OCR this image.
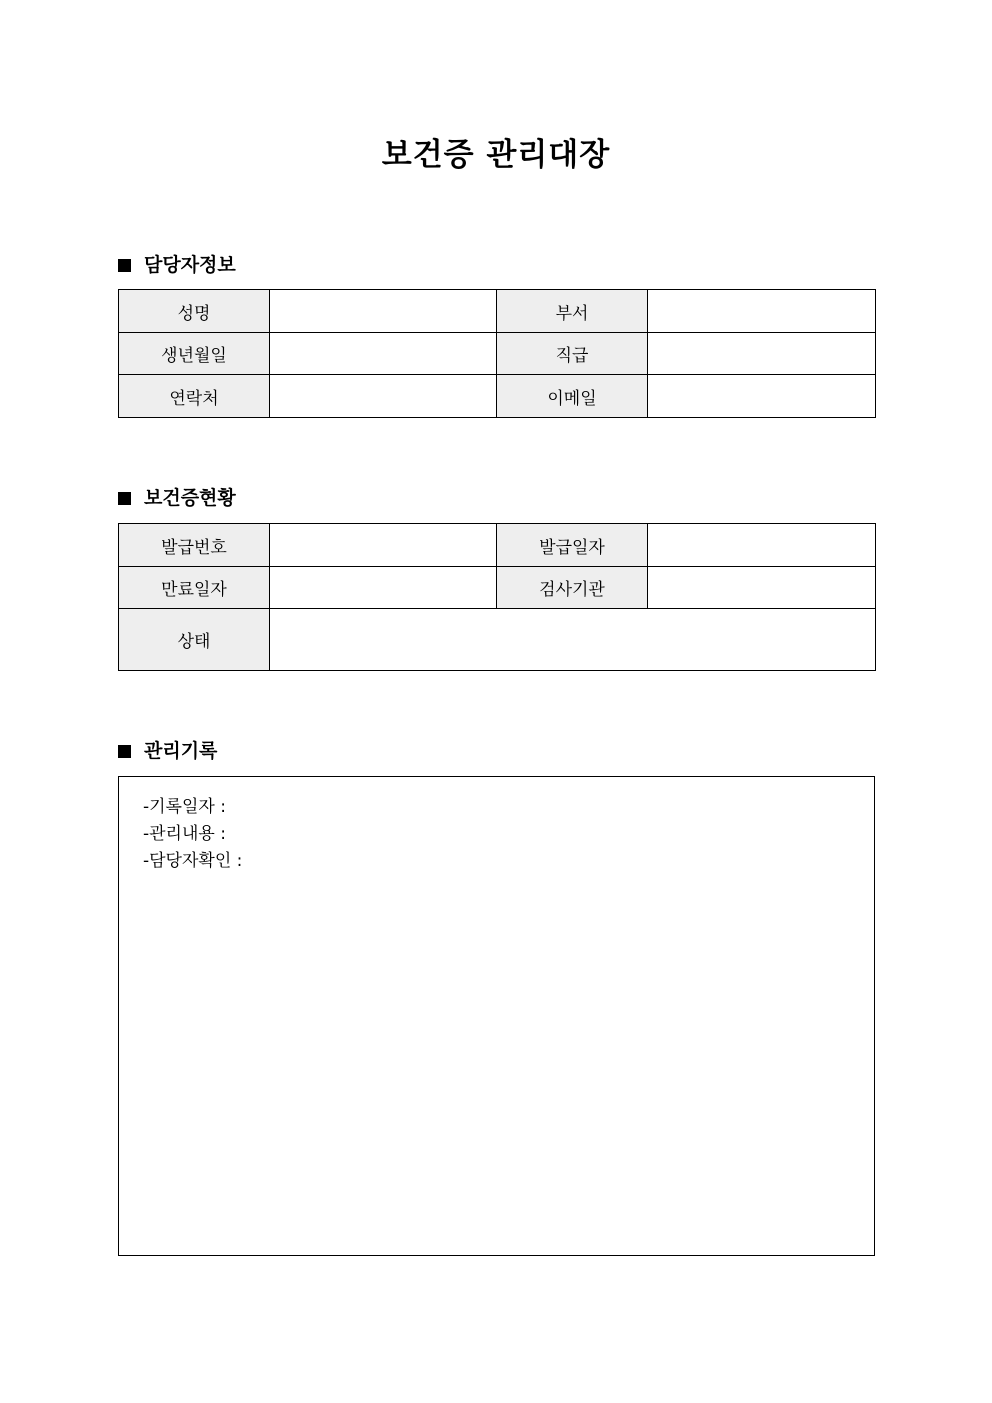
보건증 관리대장
담당자정보
성명		부서	
생년월일		직급	
연락처		이메일	
보건증현황
발급번호		발급일자	
만료일자		검사기관	
상태			
관리기록
-기록일자 :
-관리내용 :
-담당자확인 :
